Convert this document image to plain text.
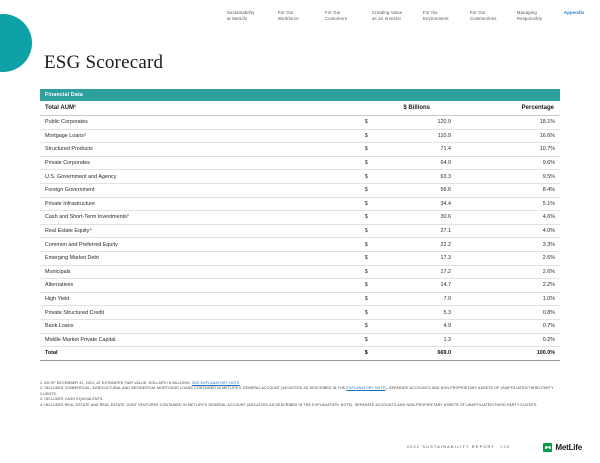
Sustainability
at MetLife
For Our
Workforce
For Our
Customers
Creating Value
as an Investor
For the
Environment
For Our
Communities
Managing
Responsibly
Appendix
ESG Scorecard
Financial Data			
Total AUM¹		$ Billions	Percentage
Public Corporates	$	120.9	18.1%
Mortgage Loans²	$	110.9	16.6%
Structured Products	$	71.4	10.7%
Private Corporates	$	64.0	9.6%
U.S. Government and Agency	$	63.3	9.5%
Foreign Government	$	56.6	8.4%
Private Infrastructure	$	34.4	5.1%
Cash and Short-Term Investments³	$	30.6	4.6%
Real Estate Equity⁴	$	27.1	4.0%
Common and Preferred Equity	$	22.2	3.3%
Emerging Market Debt	$	17.3	2.6%
Municipals	$	17.2	2.6%
Alternatives	$	14.7	2.2%
High Yield	$	7.0	1.0%
Private Structured Credit	$	5.3	0.8%
Bank Loans	$	4.9	0.7%
Middle Market Private Capital	$	1.3	0.2%
Total	$	669.0	100.0%
1. AS OF DECEMBER 31, 2021, AT ESTIMATED FAIR VALUE, DOLLARS IN BILLIONS. SEE EXPLANATORY NOTE.
2. INCLUDES COMMERCIAL, AGRICULTURAL AND RESIDENTIAL MORTGAGE LOANS CONTAINED IN METLIFE'S GENERAL ACCOUNT (ADJUSTED AS DESCRIBED IN THE EXPLANATORY NOTE), SEPARATE ACCOUNTS AND NON-PROPRIETARY ASSETS OF UNAFFILIATED/THIRD-PARTY CLIENTS.
3. INCLUDES CASH EQUIVALENTS.
4. INCLUDES REAL ESTATE AND REAL ESTATE JOINT VENTURES CONTAINED IN METLIFE'S GENERAL ACCOUNT (ADJUSTED AS DESCRIBED IN THE EXPLANATORY NOTE), SEPARATE ACCOUNTS AND NON-PROPRIETARY ASSETS OF UNAFFILIATED/THIRD-PARTY CLIENTS.
2021 SUSTAINABILITY REPORT 135	MetLife
